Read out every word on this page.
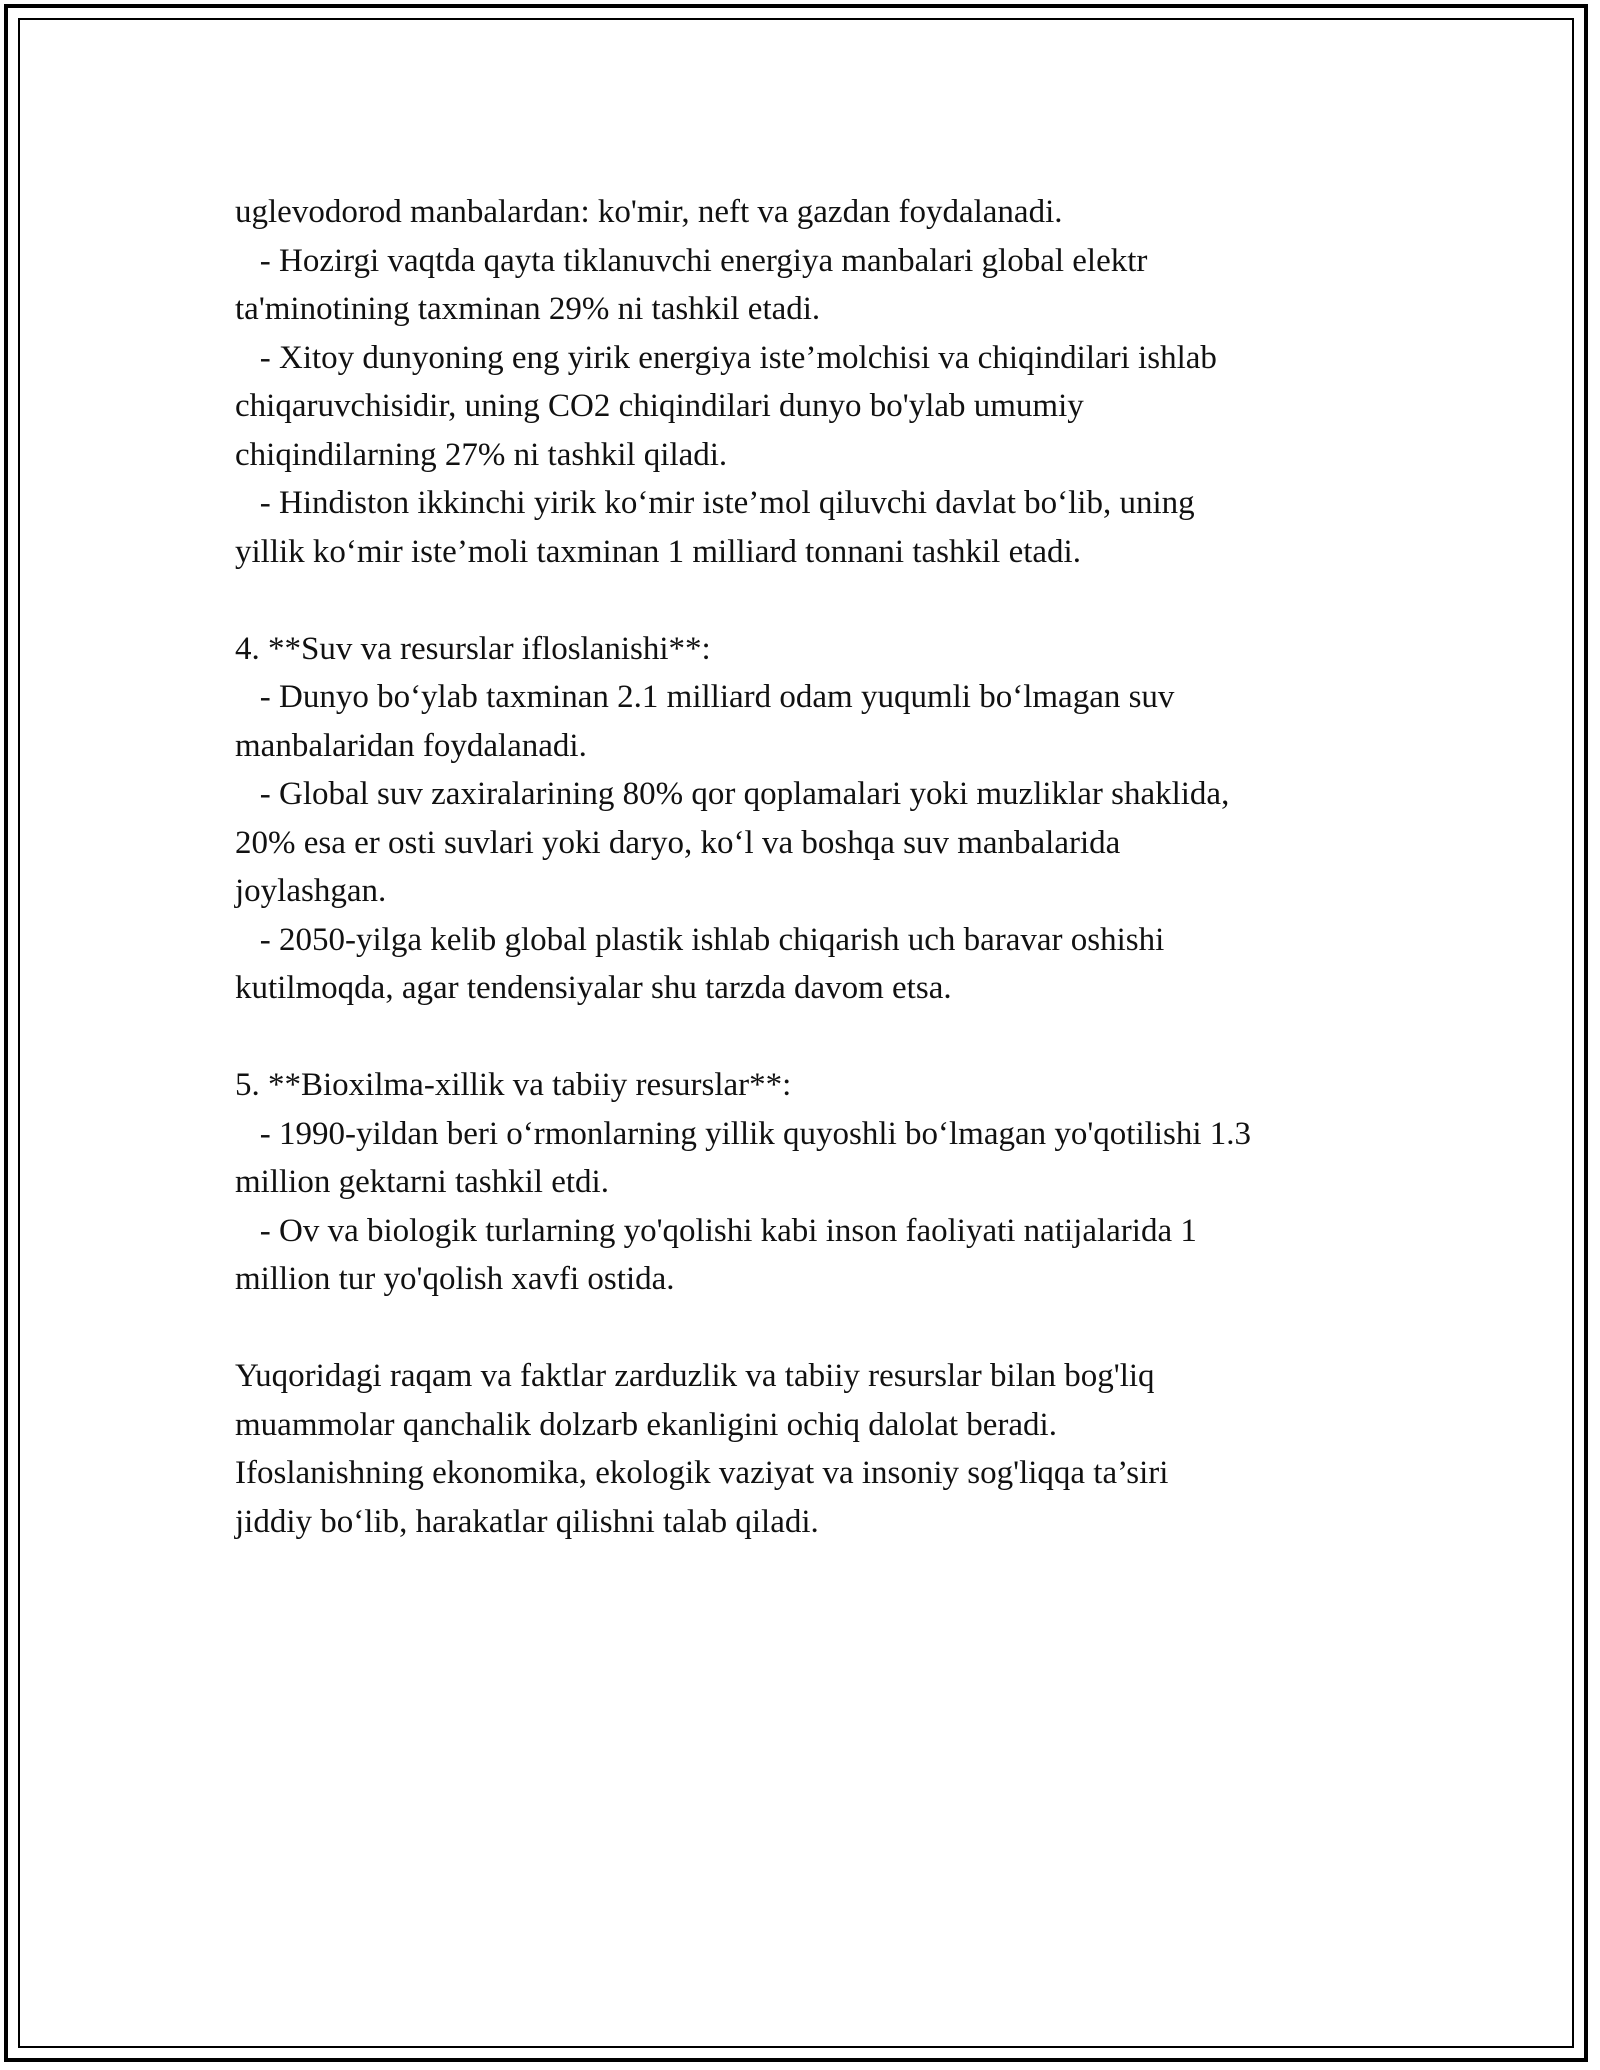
uglevodorod manbalardan: ko'mir, neft va gazdan foydalanadi.
- Hozirgi vaqtda qayta tiklanuvchi energiya manbalari global elektr
ta'minotining taxminan 29% ni tashkil etadi.
- Xitoy dunyoning eng yirik energiya iste’molchisi va chiqindilari ishlab
chiqaruvchisidir, uning CO2 chiqindilari dunyo bo'ylab umumiy
chiqindilarning 27% ni tashkil qiladi.
- Hindiston ikkinchi yirik ko‘mir iste’mol qiluvchi davlat bo‘lib, uning
yillik ko‘mir iste’moli taxminan 1 milliard tonnani tashkil etadi.
4. **Suv va resurslar ifloslanishi**:
- Dunyo bo‘ylab taxminan 2.1 milliard odam yuqumli bo‘lmagan suv
manbalaridan foydalanadi.
- Global suv zaxiralarining 80% qor qoplamalari yoki muzliklar shaklida,
20% esa er osti suvlari yoki daryo, ko‘l va boshqa suv manbalarida
joylashgan.
- 2050-yilga kelib global plastik ishlab chiqarish uch baravar oshishi
kutilmoqda, agar tendensiyalar shu tarzda davom etsa.
5. **Bioxilma-xillik va tabiiy resurslar**:
- 1990-yildan beri o‘rmonlarning yillik quyoshli bo‘lmagan yo'qotilishi 1.3
million gektarni tashkil etdi.
- Ov va biologik turlarning yo'qolishi kabi inson faoliyati natijalarida 1
million tur yo'qolish xavfi ostida.
Yuqoridagi raqam va faktlar zarduzlik va tabiiy resurslar bilan bog'liq
muammolar qanchalik dolzarb ekanligini ochiq dalolat beradi.
Ifoslanishning ekonomika, ekologik vaziyat va insoniy sog'liqqa ta’siri
jiddiy bo‘lib, harakatlar qilishni talab qiladi.
